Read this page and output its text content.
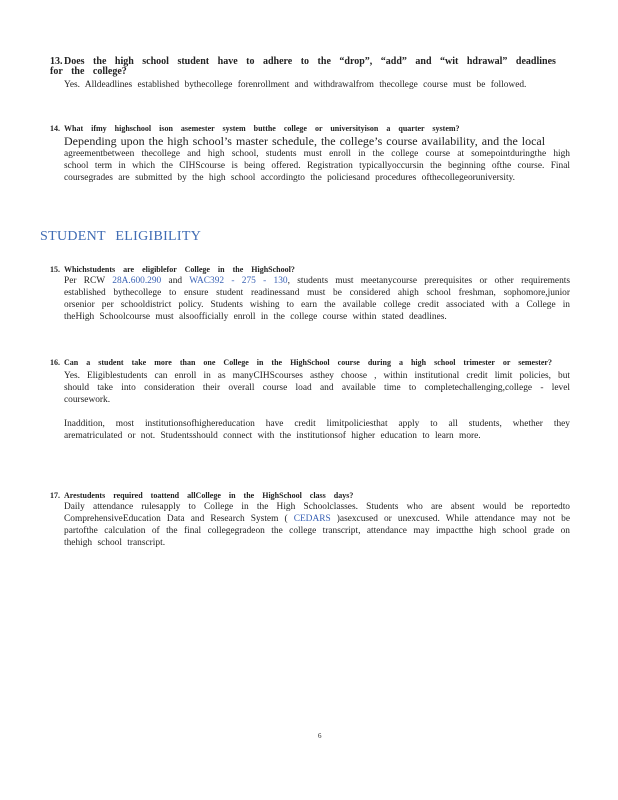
13. Does the high school student have to adhere to the “drop”, “add” and “wit hdrawal” deadlines for the college?

Yes. Alldeadlines established bythecollege forenrollment and withdrawalfrom thecollege course must be followed.

14. What ifmy highschool ison asemester system butthe college or universityison a quarter system?

Depending upon the high school’s master schedule, the college’s course availability, and the local

agreementbetween thecollege and high school, students must enroll in the college course at somepointduringthe high school term in which the CIHScourse is being offered. Registration typicallyoccursin the beginning ofthe course. Final coursegrades are submitted by the high school accordingto the policiesand procedures ofthecollegeoruniversity.

STUDENT ELIGIBILITY
15. Whichstudents are eligiblefor College in the HighSchool?

Per RCW 28A.600.290 and WAC392 - 275 - 130, students must meetanycourse prerequisites or other requirements established bythecollege to ensure student readinessand must be considered ahigh school freshman, sophomore,junior orsenior per schooldistrict policy. Students wishing to earn the available college credit associated with a College in theHigh Schoolcourse must alsoofficially enroll in the college course within stated deadlines.

16. Can a student take more than one College in the HighSchool course during a high school trimester or semester?

Yes. Eligiblestudents can enroll in as manyCIHScourses asthey choose , within institutional credit limit policies, but should take into consideration their overall course load and available time to completechallenging,college - level coursework.

Inaddition, most institutionsofhighereducation have credit limitpoliciesthat apply to all students, whether they arematriculated or not. Studentsshould connect with the institutionsof higher education to learn more.

17. Arestudents required toattend allCollege in the HighSchool class days?

Daily attendance rulesapply to College in the High Schoolclasses. Students who are absent would be reportedto ComprehensiveEducation Data and Research System ( CEDARS )asexcused or unexcused. While attendance may not be partofthe calculation of the final collegegradeon the college transcript, attendance may impactthe high school grade on thehigh school transcript.

6
